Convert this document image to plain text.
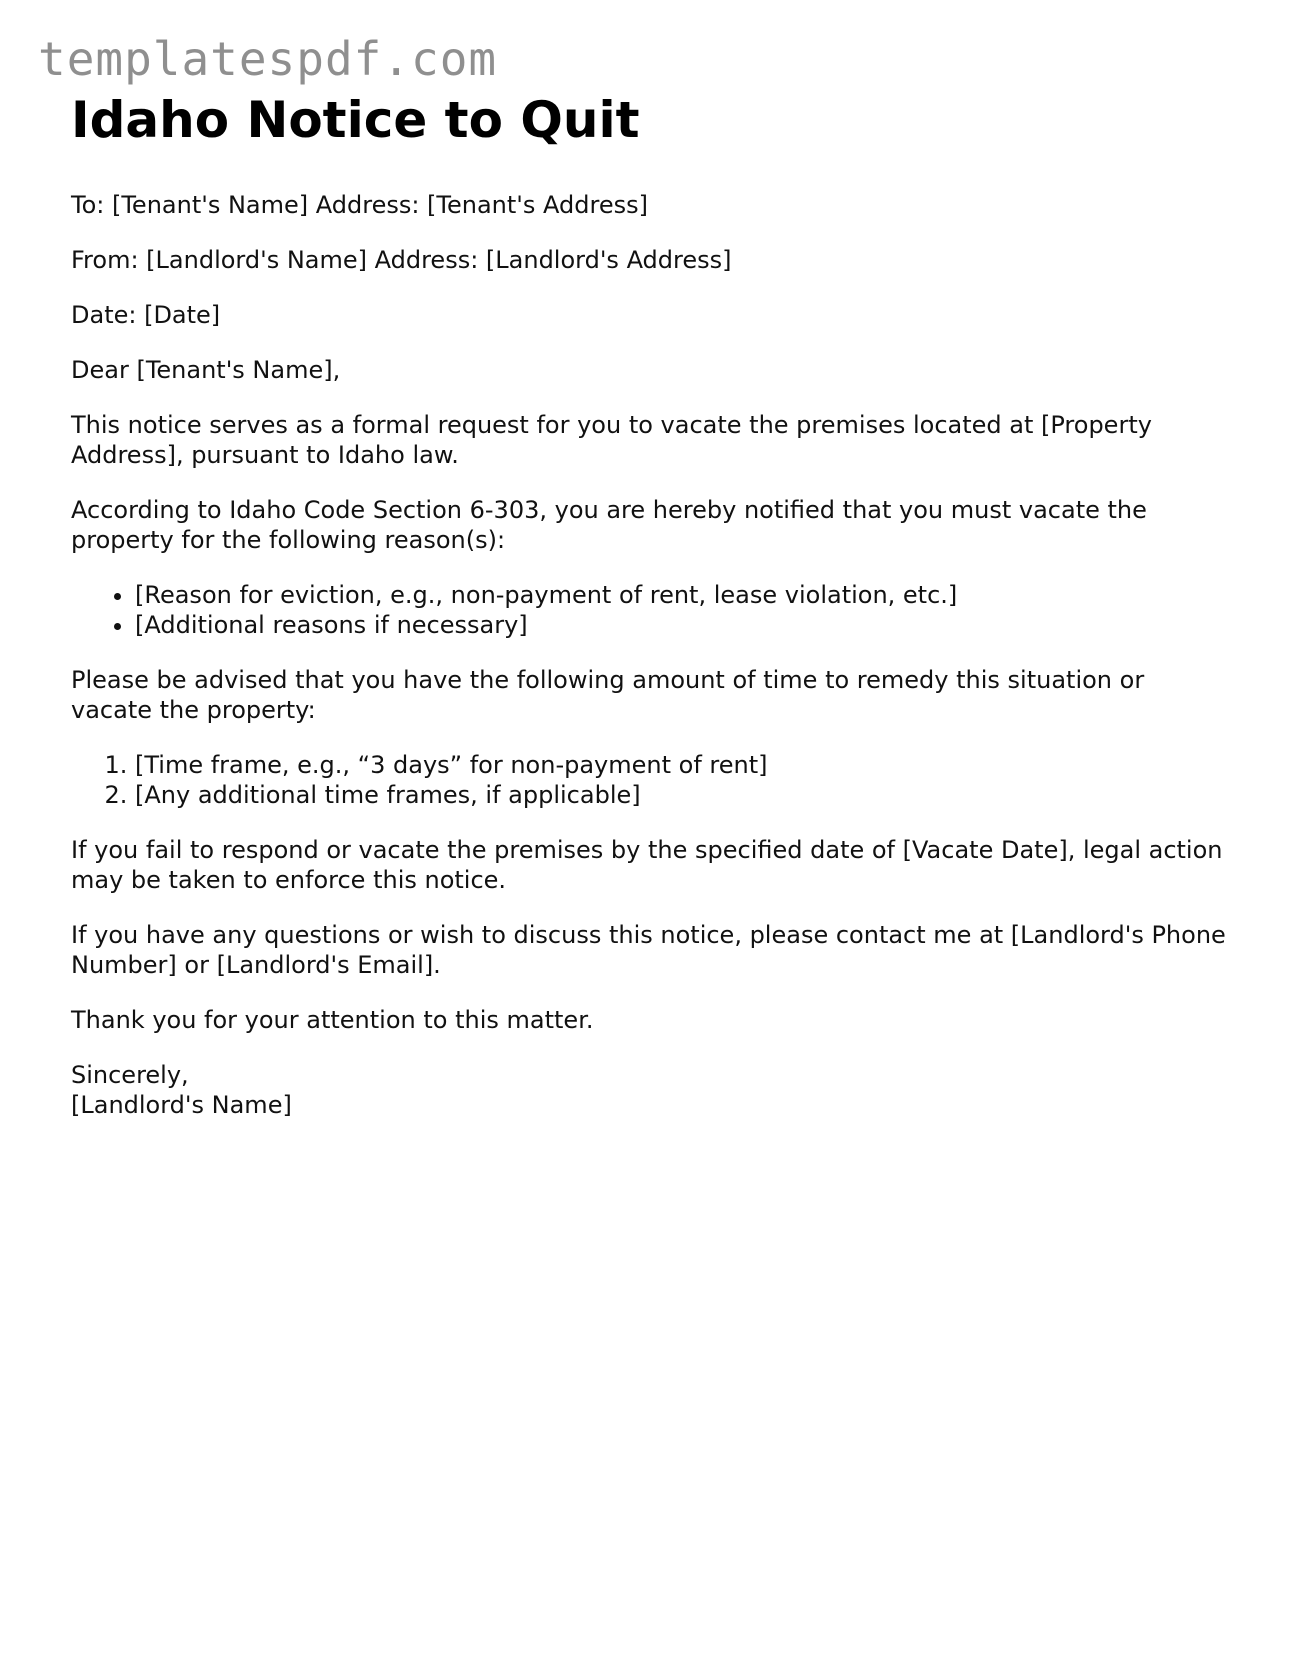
templatespdf.com
Idaho Notice to Quit

To: [Tenant's Name] Address: [Tenant's Address]

From: [Landlord's Name] Address: [Landlord's Address]

Date: [Date]

Dear [Tenant's Name],

This notice serves as a formal request for you to vacate the premises located at [Property Address], pursuant to Idaho law.

According to Idaho Code Section 6-303, you are hereby notified that you must vacate the property for the following reason(s):

• [Reason for eviction, e.g., non-payment of rent, lease violation, etc.]
• [Additional reasons if necessary]

Please be advised that you have the following amount of time to remedy this situation or vacate the property:

1. [Time frame, e.g., “3 days” for non-payment of rent]
2. [Any additional time frames, if applicable]

If you fail to respond or vacate the premises by the specified date of [Vacate Date], legal action may be taken to enforce this notice.

If you have any questions or wish to discuss this notice, please contact me at [Landlord's Phone Number] or [Landlord's Email].

Thank you for your attention to this matter.

Sincerely,
[Landlord's Name]
